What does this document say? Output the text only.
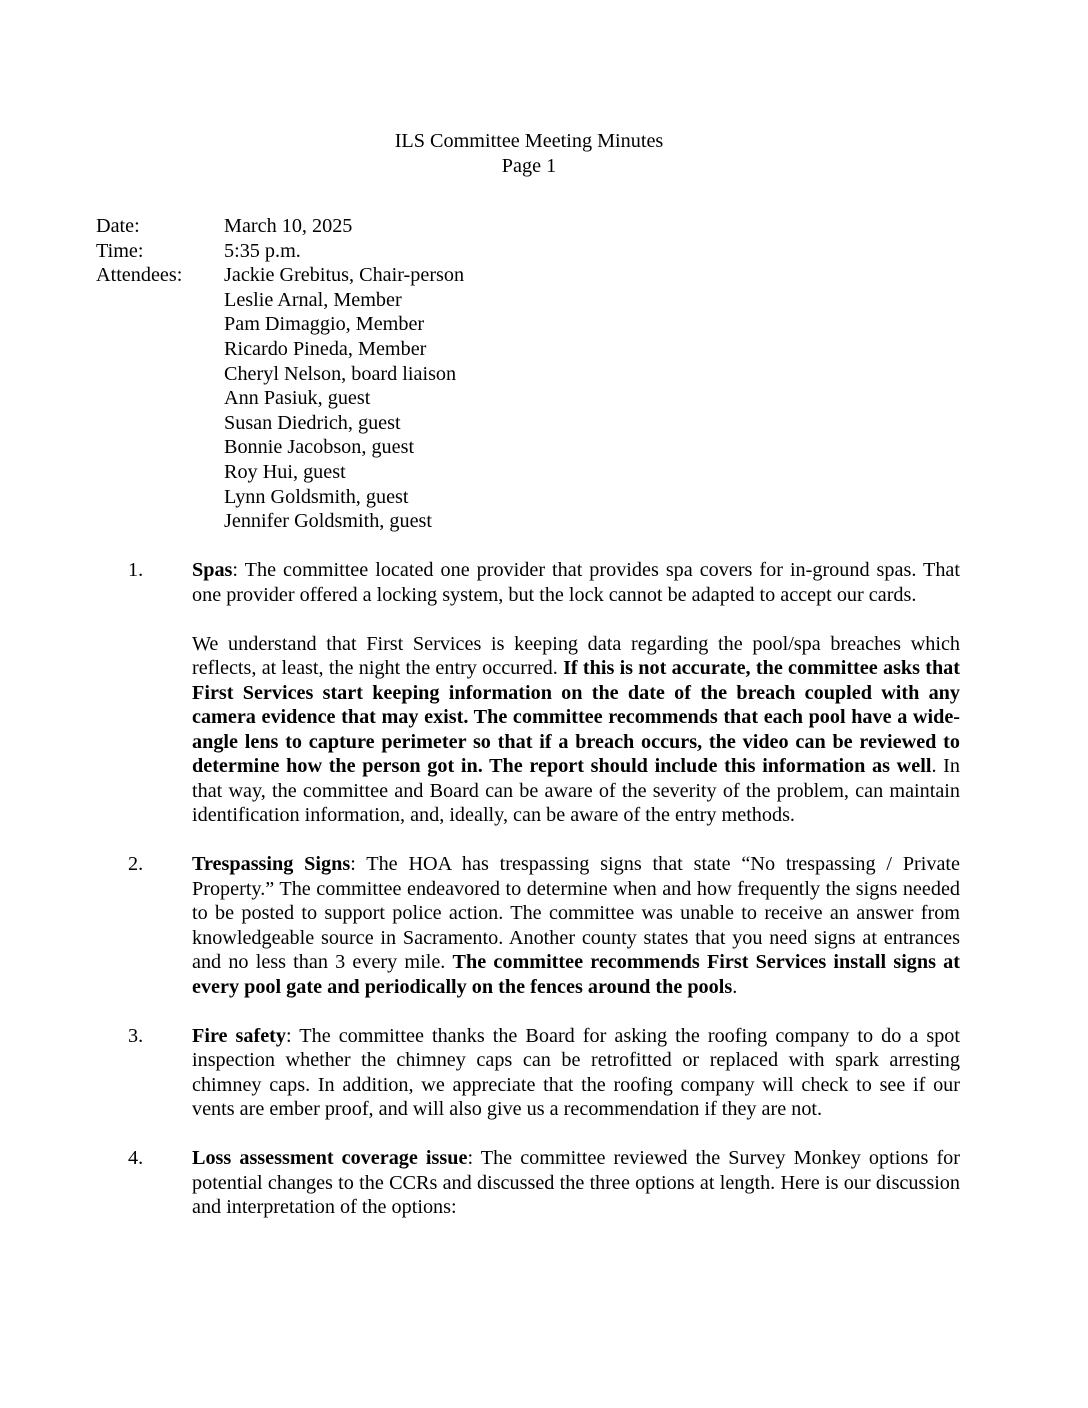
ILS Committee Meeting Minutes
Page 1
Date:	March 10, 2025
Time:	5:35 p.m.
Attendees:	Jackie Grebitus, Chair-person
Leslie Arnal, Member
Pam Dimaggio, Member
Ricardo Pineda, Member
Cheryl Nelson, board liaison
Ann Pasiuk, guest
Susan Diedrich, guest
Bonnie Jacobson, guest
Roy Hui, guest
Lynn Goldsmith, guest
Jennifer Goldsmith, guest
1. Spas: The committee located one provider that provides spa covers for in-ground spas. That one provider offered a locking system, but the lock cannot be adapted to accept our cards.

We understand that First Services is keeping data regarding the pool/spa breaches which reflects, at least, the night the entry occurred. If this is not accurate, the committee asks that First Services start keeping information on the date of the breach coupled with any camera evidence that may exist. The committee recommends that each pool have a wide-angle lens to capture perimeter so that if a breach occurs, the video can be reviewed to determine how the person got in. The report should include this information as well. In that way, the committee and Board can be aware of the severity of the problem, can maintain identification information, and, ideally, can be aware of the entry methods.

2. Trespassing Signs: The HOA has trespassing signs that state “No trespassing / Private Property.” The committee endeavored to determine when and how frequently the signs needed to be posted to support police action. The committee was unable to receive an answer from knowledgeable source in Sacramento. Another county states that you need signs at entrances and no less than 3 every mile. The committee recommends First Services install signs at every pool gate and periodically on the fences around the pools.

3. Fire safety: The committee thanks the Board for asking the roofing company to do a spot inspection whether the chimney caps can be retrofitted or replaced with spark arresting chimney caps. In addition, we appreciate that the roofing company will check to see if our vents are ember proof, and will also give us a recommendation if they are not.

4. Loss assessment coverage issue: The committee reviewed the Survey Monkey options for potential changes to the CCRs and discussed the three options at length. Here is our discussion and interpretation of the options:
